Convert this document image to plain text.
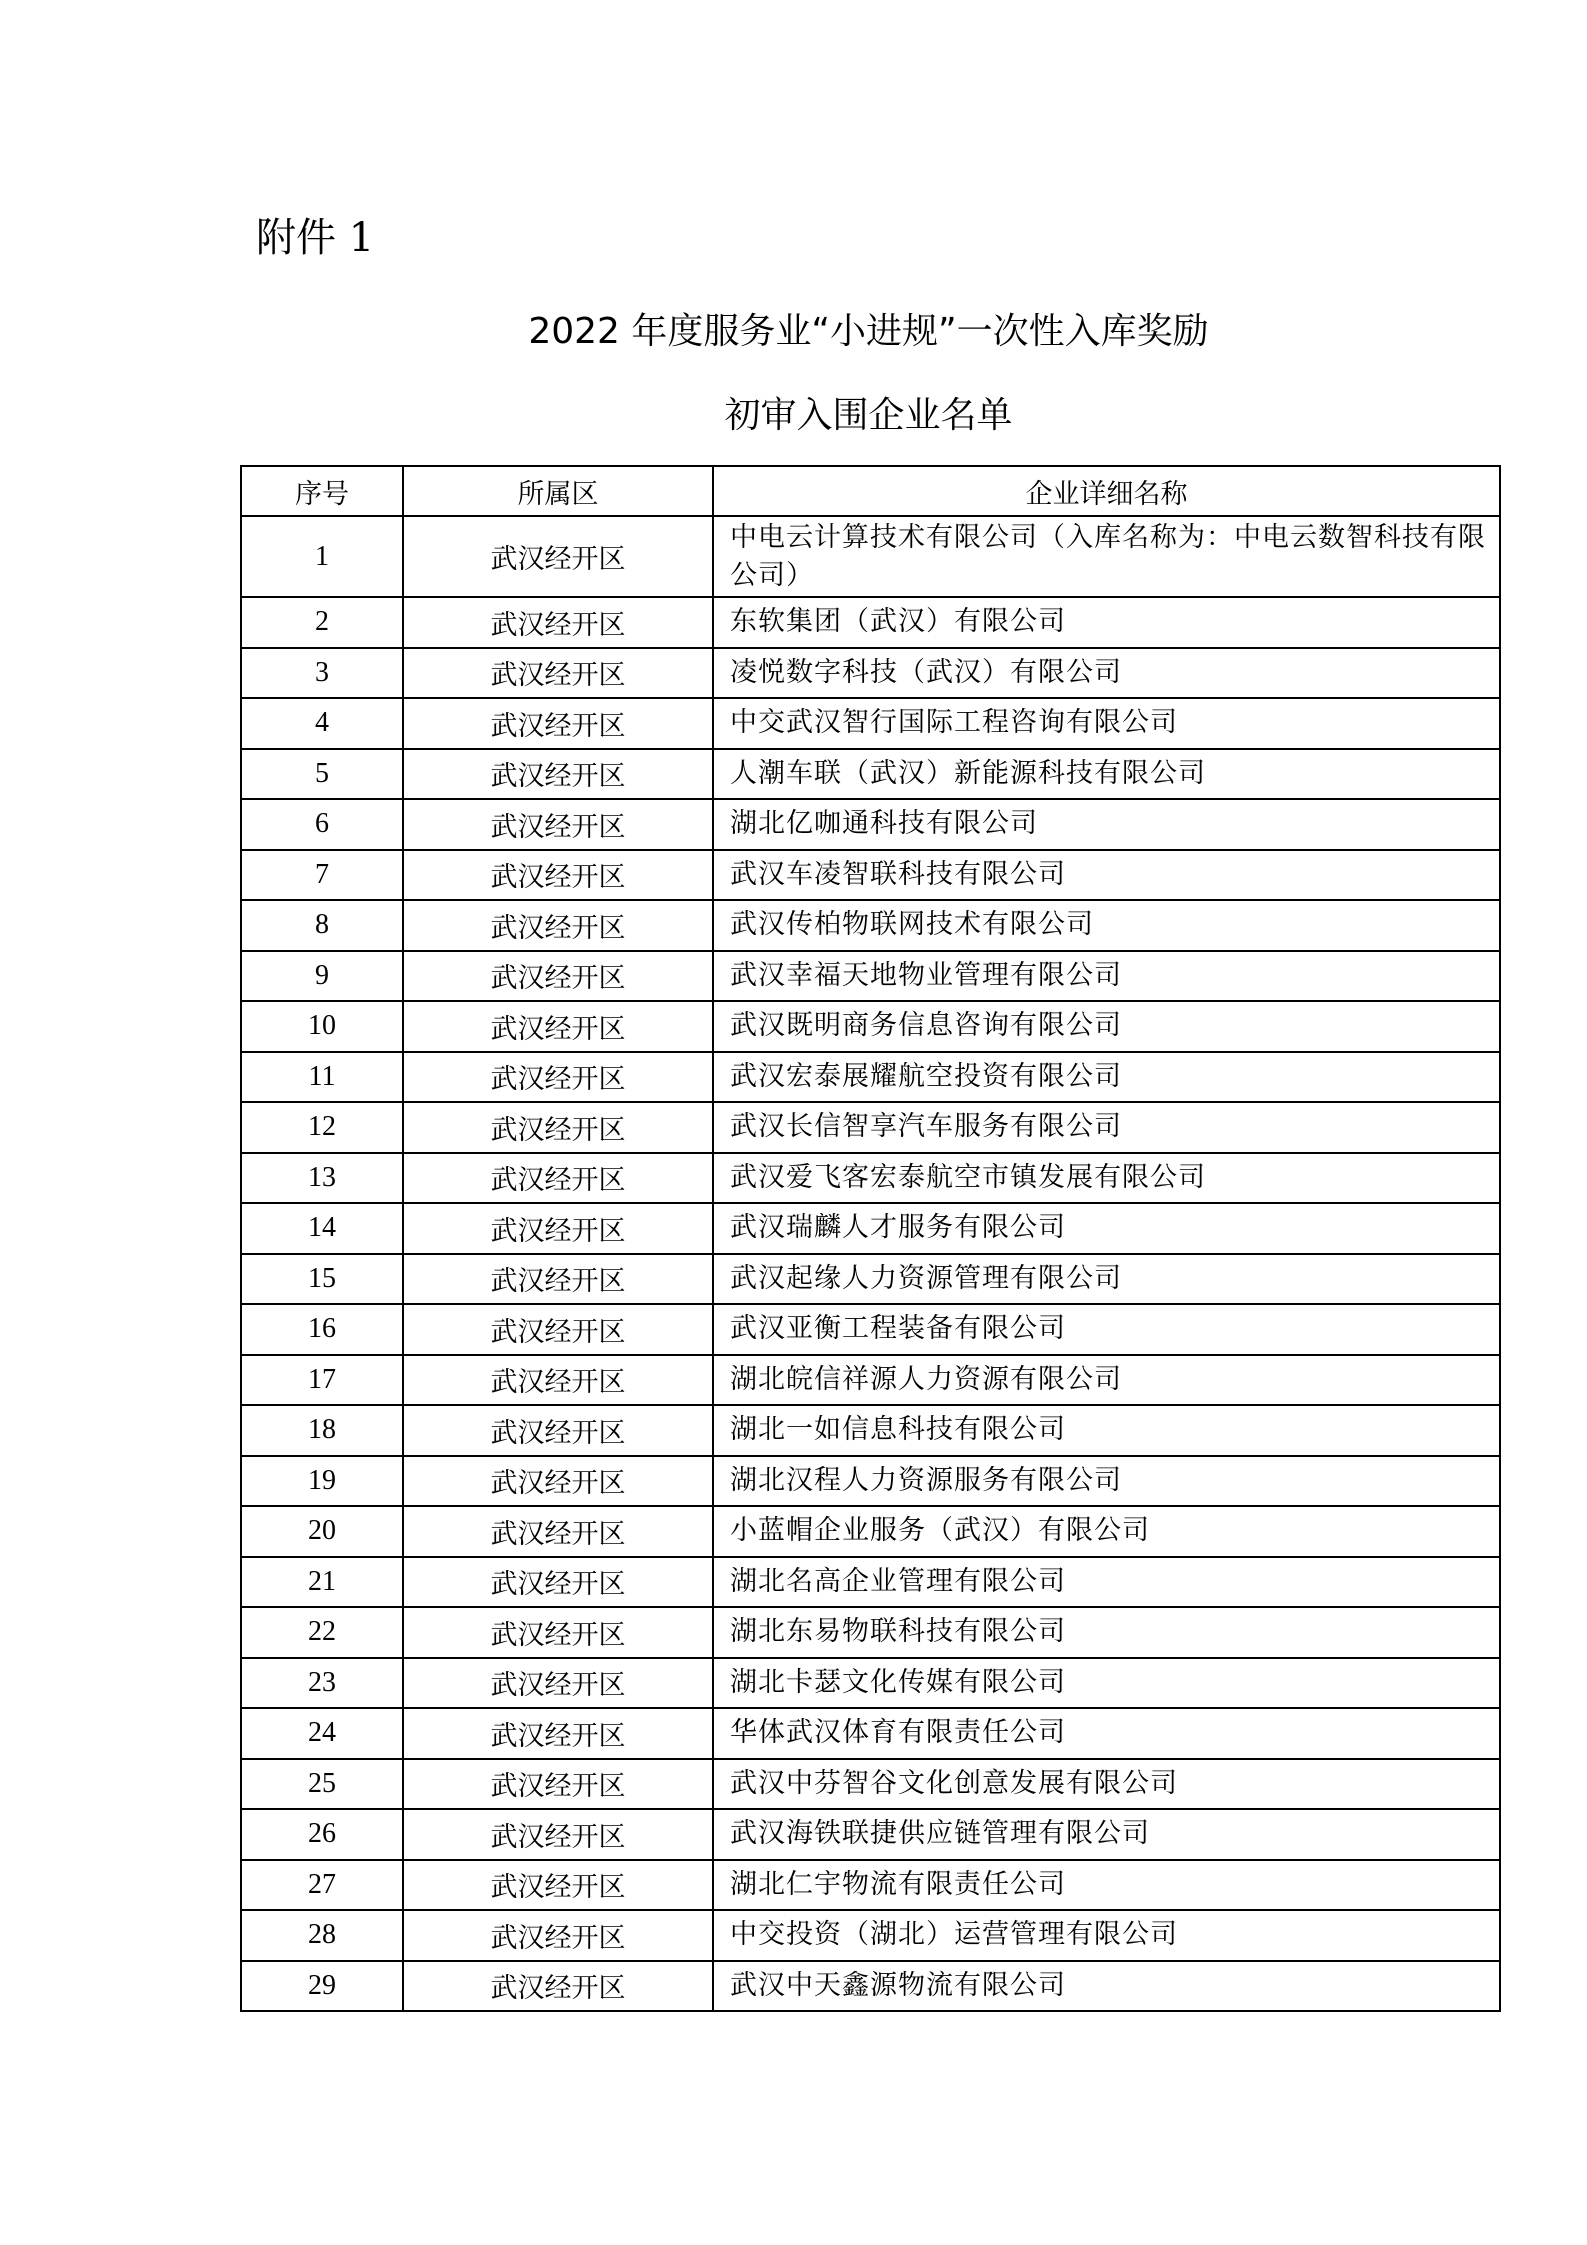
附件 1
2022 年度服务业“小进规”一次性入库奖励
初审入围企业名单
序号	所属区	企业详细名称
1	武汉经开区	中电云计算技术有限公司（入库名称为：中电云数智科技有限公司）
2	武汉经开区	东软集团（武汉）有限公司
3	武汉经开区	凌悦数字科技（武汉）有限公司
4	武汉经开区	中交武汉智行国际工程咨询有限公司
5	武汉经开区	人潮车联（武汉）新能源科技有限公司
6	武汉经开区	湖北亿咖通科技有限公司
7	武汉经开区	武汉车凌智联科技有限公司
8	武汉经开区	武汉传柏物联网技术有限公司
9	武汉经开区	武汉幸福天地物业管理有限公司
10	武汉经开区	武汉既明商务信息咨询有限公司
11	武汉经开区	武汉宏泰展耀航空投资有限公司
12	武汉经开区	武汉长信智享汽车服务有限公司
13	武汉经开区	武汉爱飞客宏泰航空市镇发展有限公司
14	武汉经开区	武汉瑞麟人才服务有限公司
15	武汉经开区	武汉起缘人力资源管理有限公司
16	武汉经开区	武汉亚衡工程装备有限公司
17	武汉经开区	湖北皖信祥源人力资源有限公司
18	武汉经开区	湖北一如信息科技有限公司
19	武汉经开区	湖北汉程人力资源服务有限公司
20	武汉经开区	小蓝帽企业服务（武汉）有限公司
21	武汉经开区	湖北名高企业管理有限公司
22	武汉经开区	湖北东易物联科技有限公司
23	武汉经开区	湖北卡瑟文化传媒有限公司
24	武汉经开区	华体武汉体育有限责任公司
25	武汉经开区	武汉中芬智谷文化创意发展有限公司
26	武汉经开区	武汉海铁联捷供应链管理有限公司
27	武汉经开区	湖北仁宇物流有限责任公司
28	武汉经开区	中交投资（湖北）运营管理有限公司
29	武汉经开区	武汉中天鑫源物流有限公司
